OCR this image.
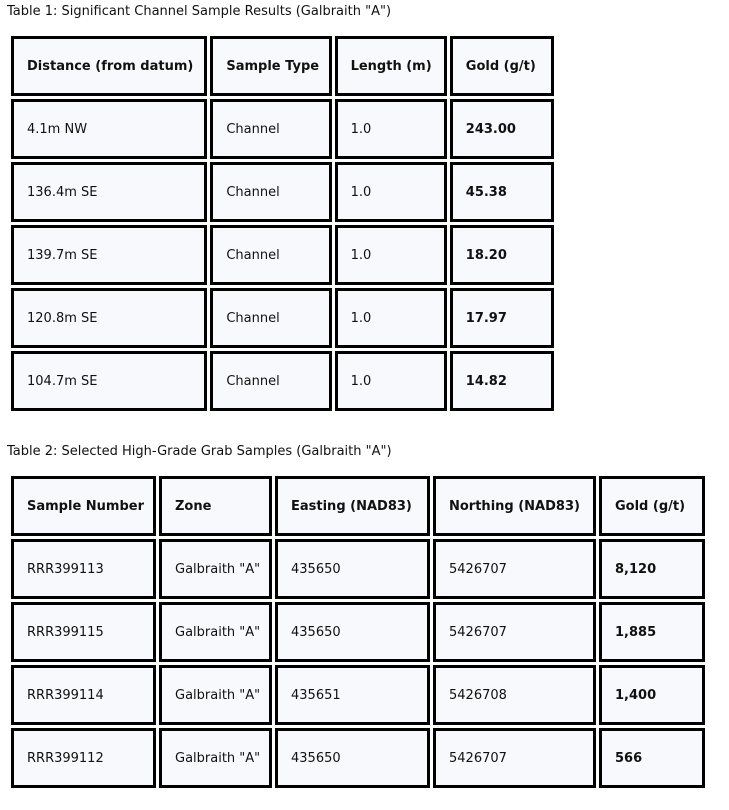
Table 1: Significant Channel Sample Results (Galbraith "A")

Distance (from datum)	Sample Type	Length (m)	Gold (g/t)
4.1m NW	Channel	1.0	243.00
136.4m SE	Channel	1.0	45.38
139.7m SE	Channel	1.0	18.20
120.8m SE	Channel	1.0	17.97
104.7m SE	Channel	1.0	14.82

Table 2: Selected High-Grade Grab Samples (Galbraith "A")

Sample Number	Zone	Easting (NAD83)	Northing (NAD83)	Gold (g/t)
RRR399113	Galbraith "A"	435650	5426707	8,120
RRR399115	Galbraith "A"	435650	5426707	1,885
RRR399114	Galbraith "A"	435651	5426708	1,400
RRR399112	Galbraith "A"	435650	5426707	566
